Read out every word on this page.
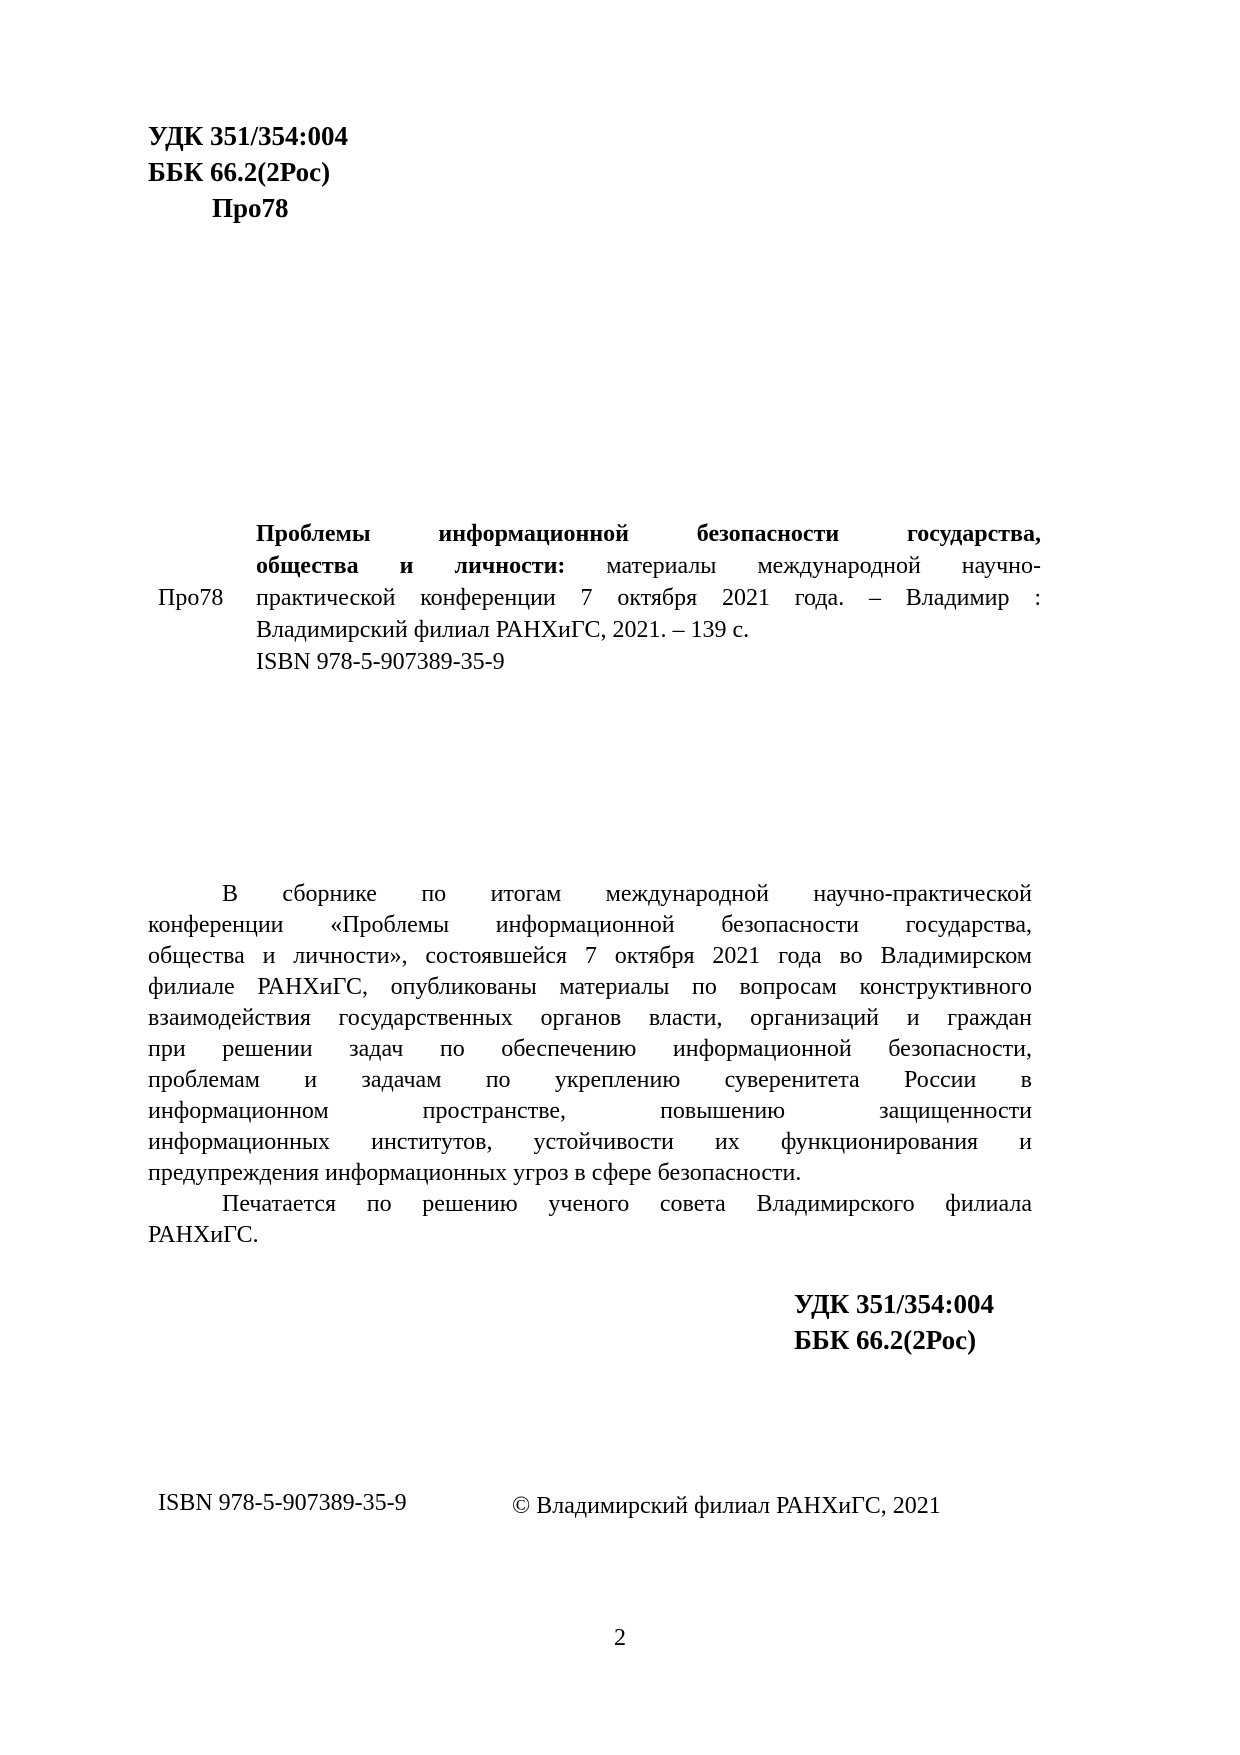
УДК 351/354:004
ББК 66.2(2Рос)
Про78
Про78
Проблемы информационной безопасности государства,
общества и личности: материалы международной научно-
практической конференции 7 октября 2021 года. – Владимир :
Владимирский филиал РАНХиГС, 2021. – 139 с.
ISBN 978-5-907389-35-9
В сборнике по итогам международной научно-практической
конференции «Проблемы информационной безопасности государства,
общества и личности», состоявшейся 7 октября 2021 года во Владимирском
филиале РАНХиГС, опубликованы материалы по вопросам конструктивного
взаимодействия государственных органов власти, организаций и граждан
при решении задач по обеспечению информационной безопасности,
проблемам и задачам по укреплению суверенитета России в
информационном пространстве, повышению защищенности
информационных институтов, устойчивости их функционирования и
предупреждения информационных угроз в сфере безопасности.
Печатается по решению ученого совета Владимирского филиала
РАНХиГС.
УДК 351/354:004
ББК 66.2(2Рос)
ISBN 978-5-907389-35-9	© Владимирский филиал РАНХиГС, 2021
2
